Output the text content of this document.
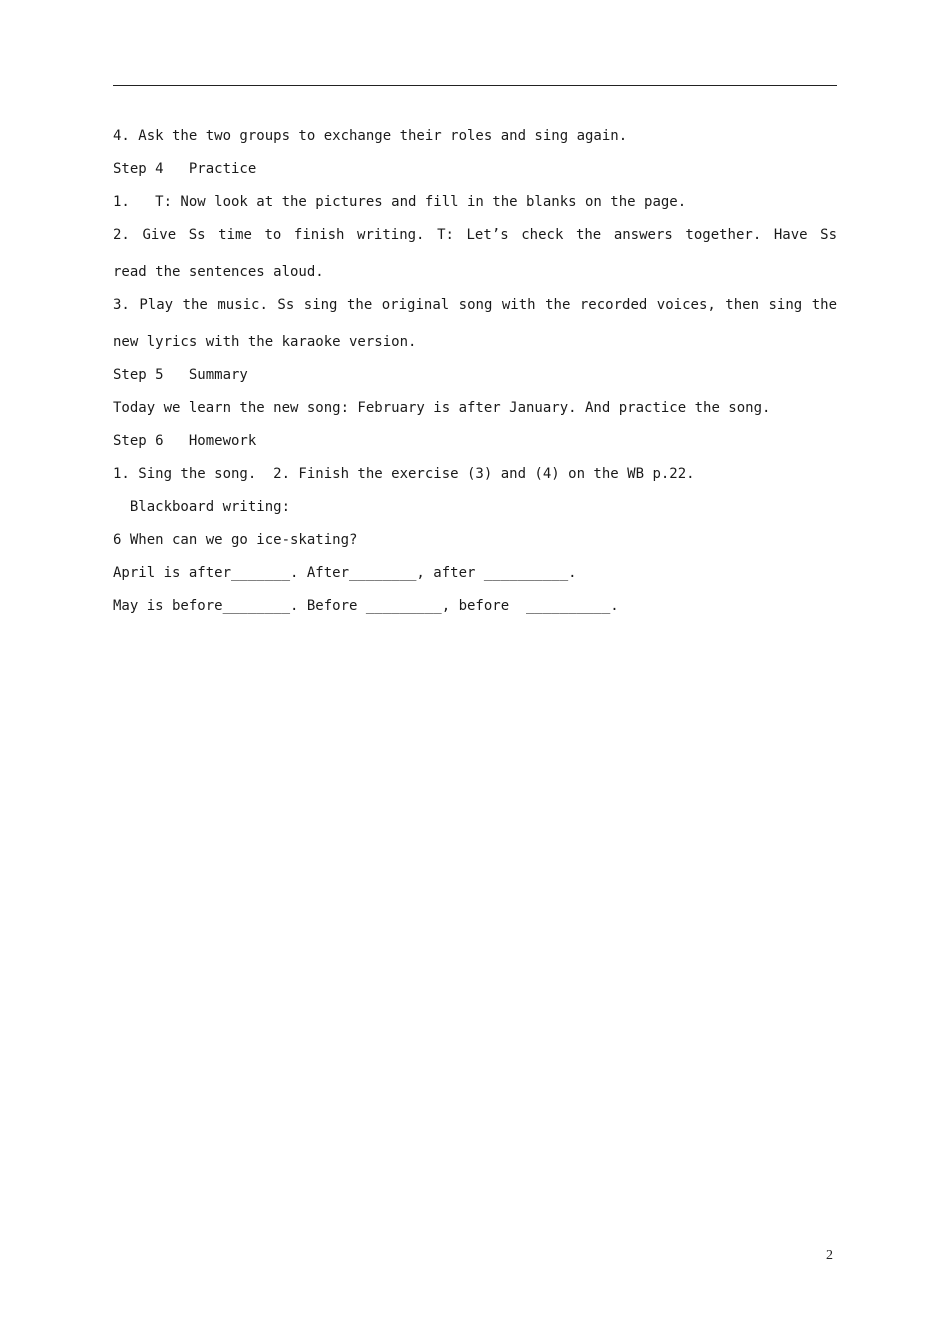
4. Ask the two groups to exchange their roles and sing again.
Step 4   Practice
1.   T: Now look at the pictures and fill in the blanks on the page.
2. Give Ss time to finish writing. T: Let’s check the answers together. Have Ss
read the sentences aloud.
3. Play the music. Ss sing the original song with the recorded voices, then sing the
new lyrics with the karaoke version.
Step 5   Summary
Today we learn the new song: February is after January. And practice the song.
Step 6   Homework
1. Sing the song.  2. Finish the exercise (3) and (4) on the WB p.22.
Blackboard writing:
6 When can we go ice-skating?
April is after_______. After________, after __________.
May is before________. Before _________, before  __________.
2
